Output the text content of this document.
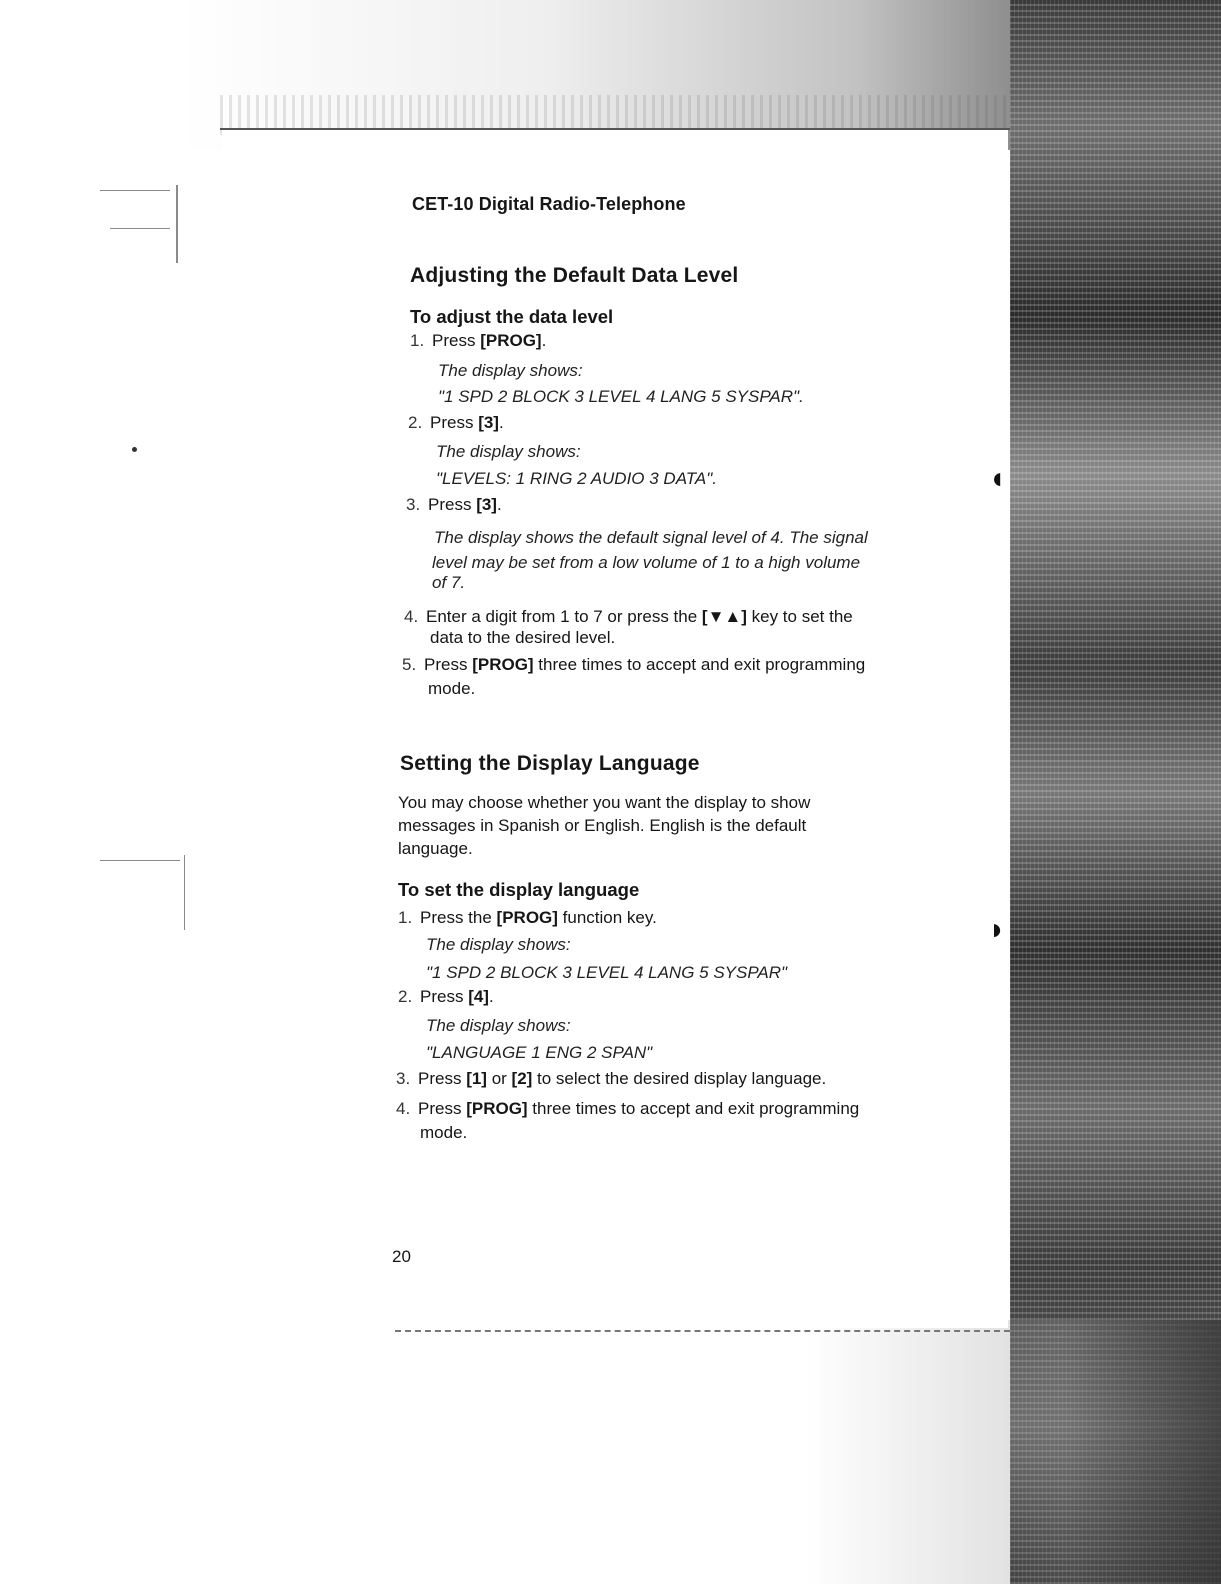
◖
◗
CET-10 Digital Radio-Telephone
Adjusting the Default Data Level
To adjust the data level
1. Press [PROG].
The display shows:
"1 SPD 2 BLOCK 3 LEVEL 4 LANG 5 SYSPAR".
2. Press [3].
The display shows:
"LEVELS: 1 RING 2 AUDIO 3 DATA".
3. Press [3].
The display shows the default signal level of 4. The signal
level may be set from a low volume of 1 to a high volume
of 7.
4. Enter a digit from 1 to 7 or press the [▼▲] key to set the
data to the desired level.
5. Press [PROG] three times to accept and exit programming
mode.
Setting the Display Language
You may choose whether you want the display to show
messages in Spanish or English. English is the default
language.
To set the display language
1. Press the [PROG] function key.
The display shows:
"1 SPD 2 BLOCK 3 LEVEL 4 LANG 5 SYSPAR"
2. Press [4].
The display shows:
"LANGUAGE 1 ENG 2 SPAN"
3. Press [1] or [2] to select the desired display language.
4. Press [PROG] three times to accept and exit programming
mode.
20
